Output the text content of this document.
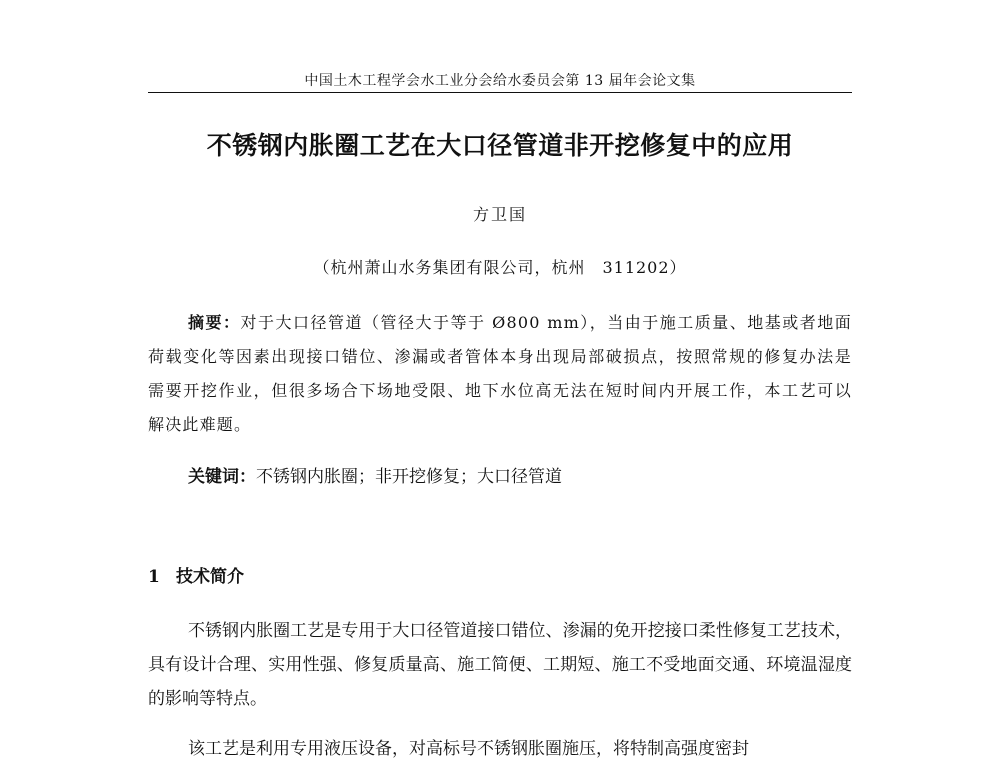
中国土木工程学会水工业分会给水委员会第 13 届年会论文集
不锈钢内胀圈工艺在大口径管道非开挖修复中的应用
方卫国
（杭州萧山水务集团有限公司，杭州　311202）

摘要：对于大口径管道（管径大于等于 Ø800 mm），当由于施工质量、地基或者地面荷载变化等因素出现接口错位、渗漏或者管体本身出现局部破损点，按照常规的修复办法是需要开挖作业，但很多场合下场地受限、地下水位高无法在短时间内开展工作，本工艺可以解决此难题。

关键词：不锈钢内胀圈；非开挖修复；大口径管道
1 技术简介

不锈钢内胀圈工艺是专用于大口径管道接口错位、渗漏的免开挖接口柔性修复工艺技术，具有设计合理、实用性强、修复质量高、施工简便、工期短、施工不受地面交通、环境温湿度的影响等特点。

该工艺是利用专用液压设备，对高标号不锈钢胀圈施压，将特制高强度密封
